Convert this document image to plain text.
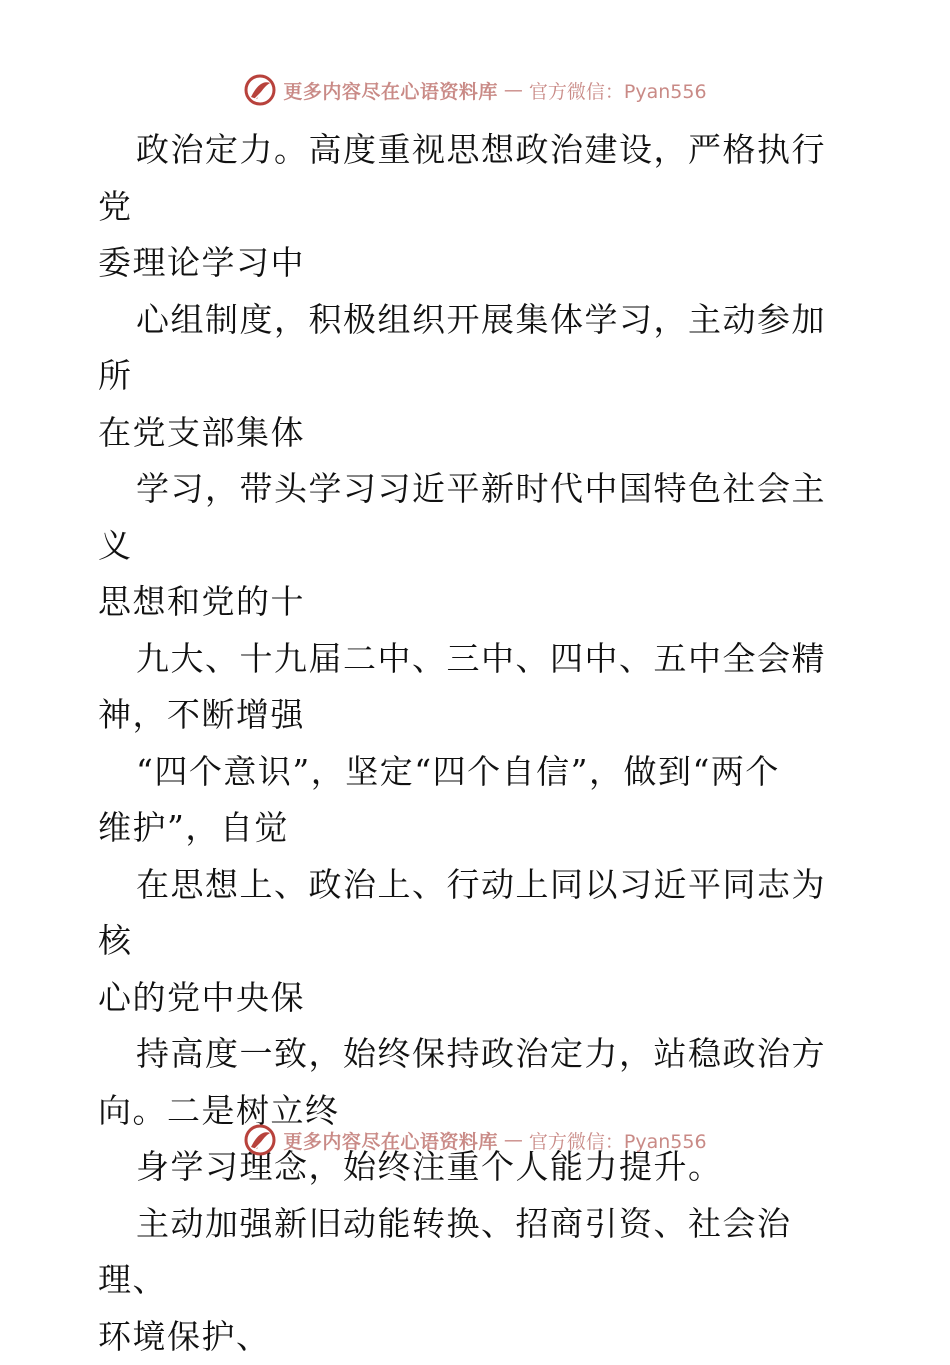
更多内容尽在心语资料库 — 官方微信：Pyan556

政治定力。高度重视思想政治建设，严格执行党
委理论学习中

心组制度，积极组织开展集体学习，主动参加所
在党支部集体

学习，带头学习习近平新时代中国特色社会主义
思想和党的十

九大、十九届二中、三中、四中、五中全会精
神，不断增强

“四个意识”，坚定“四个自信”，做到“两个
维护”，自觉

在思想上、政治上、行动上同以习近平同志为核
心的党中央保

持高度一致，始终保持政治定力，站稳政治方
向。二是树立终

身学习理念，始终注重个人能力提升。

主动加强新旧动能转换、招商引资、社会治理、
环境保护、

更多内容尽在心语资料库 — 官方微信：Pyan556
